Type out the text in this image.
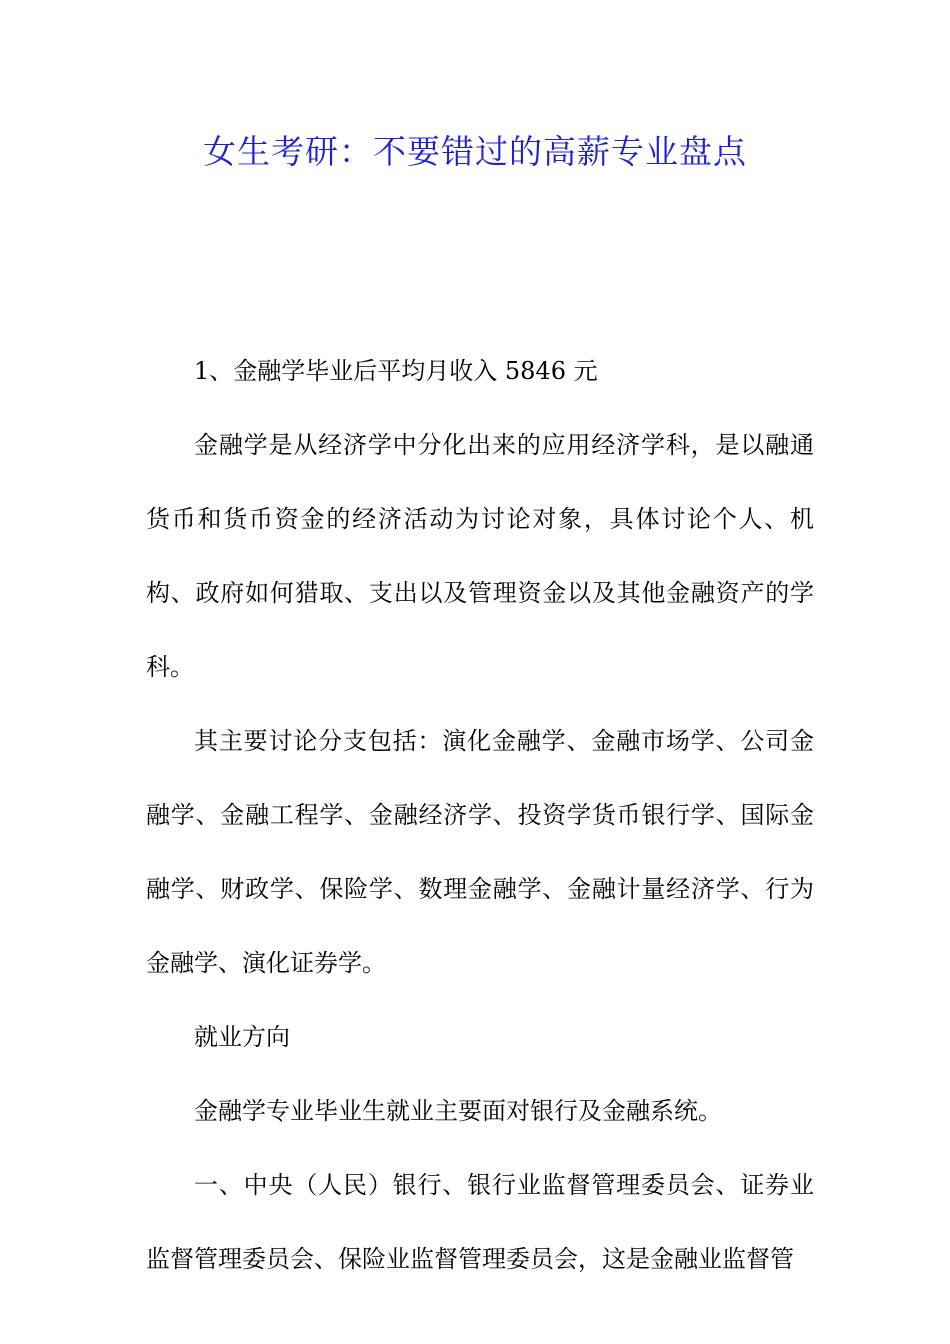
女生考研：不要错过的高薪专业盘点

1、金融学毕业后平均月收入 5846 元

金融学是从经济学中分化出来的应用经济学科，是以融通货币和货币资金的经济活动为讨论对象，具体讨论个人、机构、政府如何猎取、支出以及管理资金以及其他金融资产的学科。

其主要讨论分支包括：演化金融学、金融市场学、公司金融学、金融工程学、金融经济学、投资学货币银行学、国际金融学、财政学、保险学、数理金融学、金融计量经济学、行为金融学、演化证券学。

就业方向

金融学专业毕业生就业主要面对银行及金融系统。

一、中央（人民）银行、银行业监督管理委员会、证券业监督管理委员会、保险业监督管理委员会，这是金融业监督管
